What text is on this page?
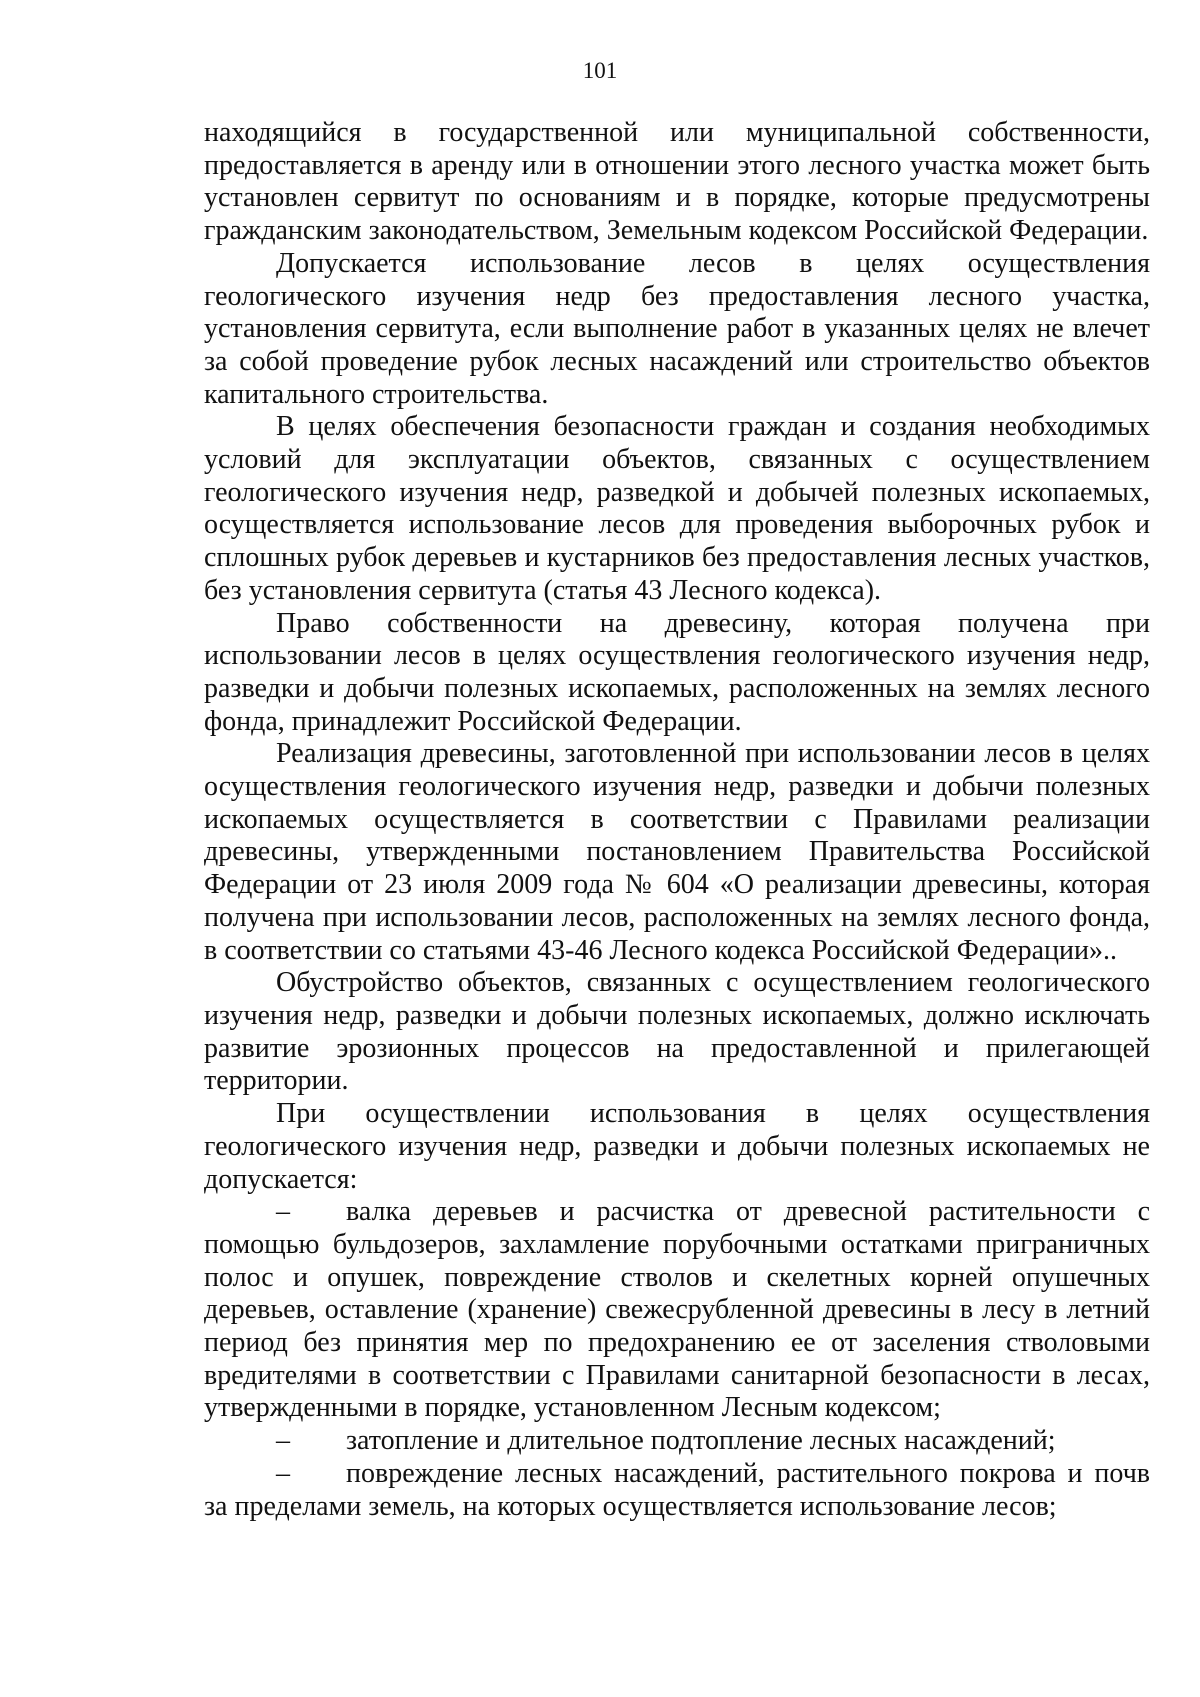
101

находящийся в государственной или муниципальной собственности, предоставляется в аренду или в отношении этого лесного участка может быть установлен сервитут по основаниям и в порядке, которые предусмотрены гражданским законодательством, Земельным кодексом Российской Федерации.

Допускается использование лесов в целях осуществления геологического изучения недр без предоставления лесного участка, установления сервитута, если выполнение работ в указанных целях не влечет за собой проведение рубок лесных насаждений или строительство объектов капитального строительства.

В целях обеспечения безопасности граждан и создания необходимых условий для эксплуатации объектов, связанных с осуществлением геологического изучения недр, разведкой и добычей полезных ископаемых, осуществляется использование лесов для проведения выборочных рубок и сплошных рубок деревьев и кустарников без предоставления лесных участков, без установления сервитута (статья 43 Лесного кодекса).

Право собственности на древесину, которая получена при использовании лесов в целях осуществления геологического изучения недр, разведки и добычи полезных ископаемых, расположенных на землях лесного фонда, принадлежит Российской Федерации.

Реализация древесины, заготовленной при использовании лесов в целях осуществления геологического изучения недр, разведки и добычи полезных ископаемых осуществляется в соответствии с Правилами реализации древесины, утвержденными постановлением Правительства Российской Федерации от 23 июля 2009 года № 604 «О реализации древесины, которая получена при использовании лесов, расположенных на землях лесного фонда, в соответствии со статьями 43-46 Лесного кодекса Российской Федерации»..

Обустройство объектов, связанных с осуществлением геологического изучения недр, разведки и добычи полезных ископаемых, должно исключать развитие эрозионных процессов на предоставленной и прилегающей территории.

При осуществлении использования в целях осуществления геологического изучения недр, разведки и добычи полезных ископаемых не допускается:

– валка деревьев и расчистка от древесной растительности с помощью бульдозеров, захламление порубочными остатками приграничных полос и опушек, повреждение стволов и скелетных корней опушечных деревьев, оставление (хранение) свежесрубленной древесины в лесу в летний период без принятия мер по предохранению ее от заселения стволовыми вредителями в соответствии с Правилами санитарной безопасности в лесах, утвержденными в порядке, установленном Лесным кодексом;

– затопление и длительное подтопление лесных насаждений;

– повреждение лесных насаждений, растительного покрова и почв за пределами земель, на которых осуществляется использование лесов;
